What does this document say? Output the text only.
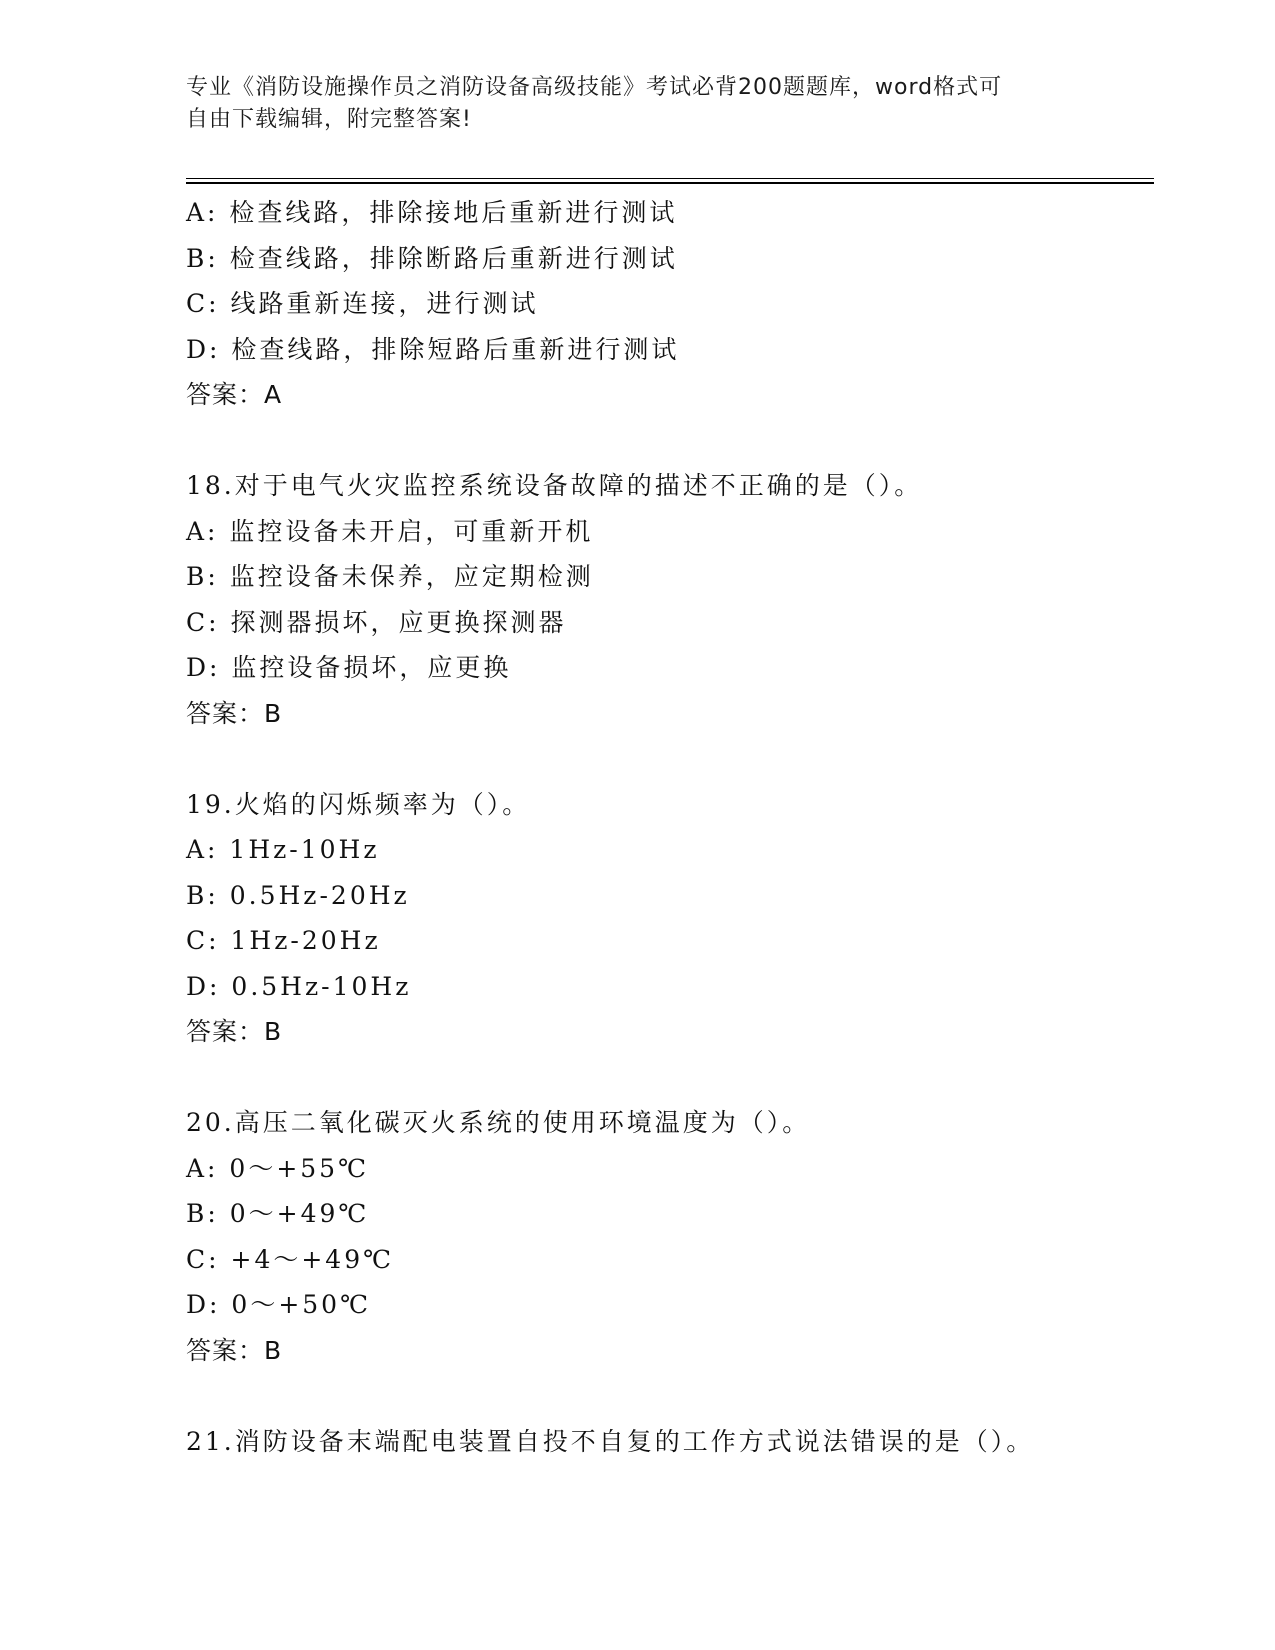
专业《消防设施操作员之消防设备高级技能》考试必背200题题库，word格式可
自由下载编辑，附完整答案!
A: 检查线路，排除接地后重新进行测试
B: 检查线路，排除断路后重新进行测试
C: 线路重新连接，进行测试
D: 检查线路，排除短路后重新进行测试
答案：A
18.对于电气火灾监控系统设备故障的描述不正确的是（）。
A: 监控设备未开启，可重新开机
B: 监控设备未保养，应定期检测
C: 探测器损坏，应更换探测器
D: 监控设备损坏，应更换
答案：B
19.火焰的闪烁频率为（）。
A: 1Hz-10Hz
B: 0.5Hz-20Hz
C: 1Hz-20Hz
D: 0.5Hz-10Hz
答案：B
20.高压二氧化碳灭火系统的使用环境温度为（）。
A: 0～+55℃
B: 0～+49℃
C: +4～+49℃
D: 0～+50℃
答案：B
21.消防设备末端配电装置自投不自复的工作方式说法错误的是（）。
